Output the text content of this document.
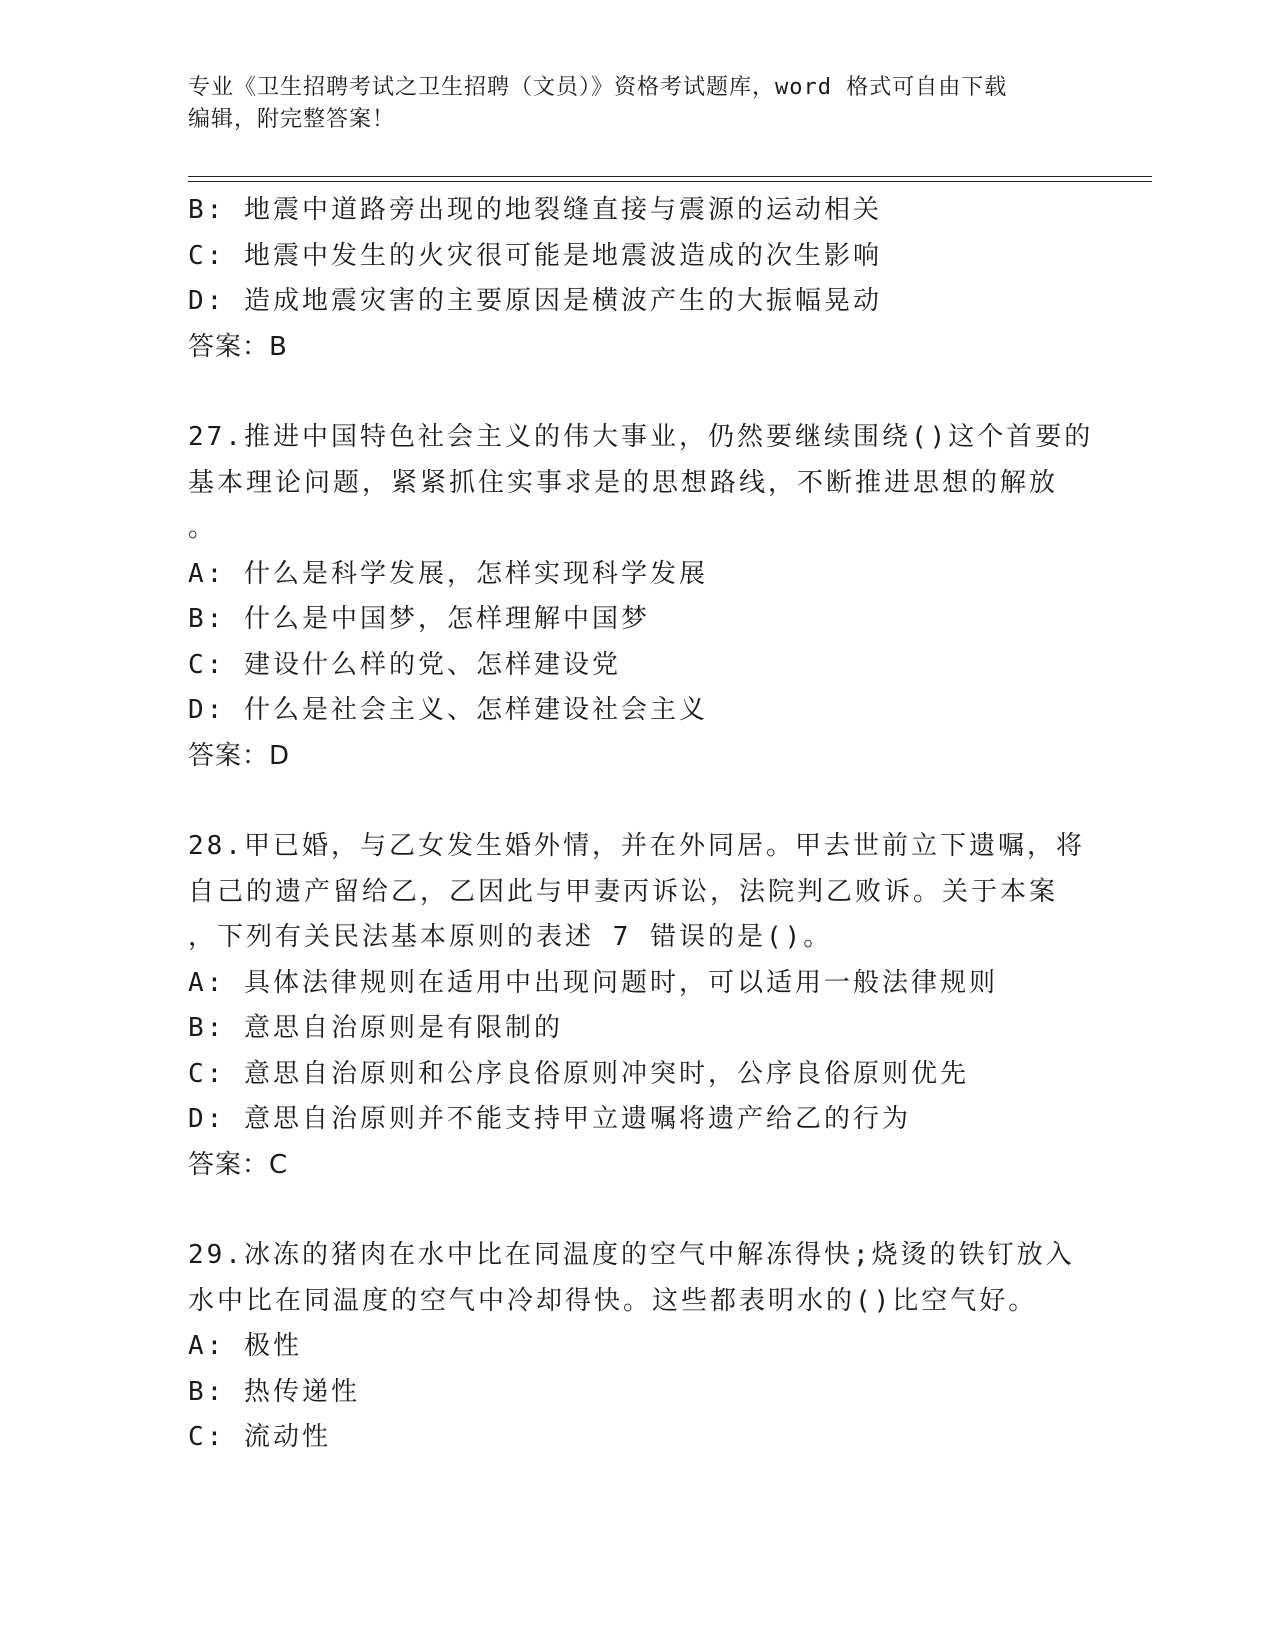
专业《卫生招聘考试之卫生招聘（文员）》资格考试题库，word 格式可自由下载
编辑，附完整答案！
B: 地震中道路旁出现的地裂缝直接与震源的运动相关
C: 地震中发生的火灾很可能是地震波造成的次生影响
D: 造成地震灾害的主要原因是横波产生的大振幅晃动
答案：B
27.推进中国特色社会主义的伟大事业，仍然要继续围绕()这个首要的
基本理论问题，紧紧抓住实事求是的思想路线，不断推进思想的解放
。
A: 什么是科学发展，怎样实现科学发展
B: 什么是中国梦，怎样理解中国梦
C: 建设什么样的党、怎样建设党
D: 什么是社会主义、怎样建设社会主义
答案：D
28.甲已婚，与乙女发生婚外情，并在外同居。甲去世前立下遗嘱，将
自己的遗产留给乙，乙因此与甲妻丙诉讼，法院判乙败诉。关于本案
，下列有关民法基本原则的表述 7 错误的是()。
A: 具体法律规则在适用中出现问题时，可以适用一般法律规则
B: 意思自治原则是有限制的
C: 意思自治原则和公序良俗原则冲突时，公序良俗原则优先
D: 意思自治原则并不能支持甲立遗嘱将遗产给乙的行为
答案：C
29.冰冻的猪肉在水中比在同温度的空气中解冻得快;烧烫的铁钉放入
水中比在同温度的空气中冷却得快。这些都表明水的()比空气好。
A: 极性
B: 热传递性
C: 流动性
